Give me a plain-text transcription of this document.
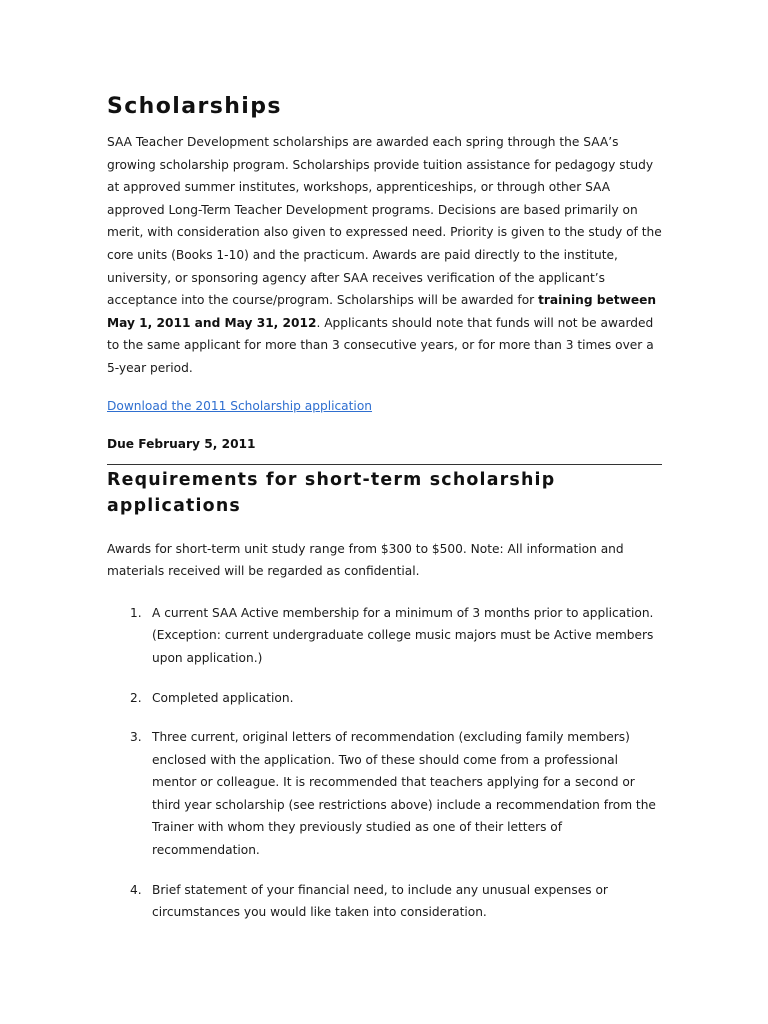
Scholarships

SAA Teacher Development scholarships are awarded each spring through the SAA’s growing scholarship program. Scholarships provide tuition assistance for pedagogy study at approved summer institutes, workshops, apprenticeships, or through other SAA approved Long-Term Teacher Development programs. Decisions are based primarily on merit, with consideration also given to expressed need. Priority is given to the study of the core units (Books 1-10) and the practicum. Awards are paid directly to the institute, university, or sponsoring agency after SAA receives verification of the applicant’s acceptance into the course/program. Scholarships will be awarded for training between May 1, 2011 and May 31, 2012. Applicants should note that funds will not be awarded to the same applicant for more than 3 consecutive years, or for more than 3 times over a 5-year period.

Download the 2011 Scholarship application

Due February 5, 2011

Requirements for short-term scholarship applications

Awards for short-term unit study range from $300 to $500. Note: All information and materials received will be regarded as confidential.

1. A current SAA Active membership for a minimum of 3 months prior to application. (Exception: current undergraduate college music majors must be Active members upon application.)
2. Completed application.
3. Three current, original letters of recommendation (excluding family members) enclosed with the application. Two of these should come from a professional mentor or colleague. It is recommended that teachers applying for a second or third year scholarship (see restrictions above) include a recommendation from the Trainer with whom they previously studied as one of their letters of recommendation.
4. Brief statement of your financial need, to include any unusual expenses or circumstances you would like taken into consideration.
